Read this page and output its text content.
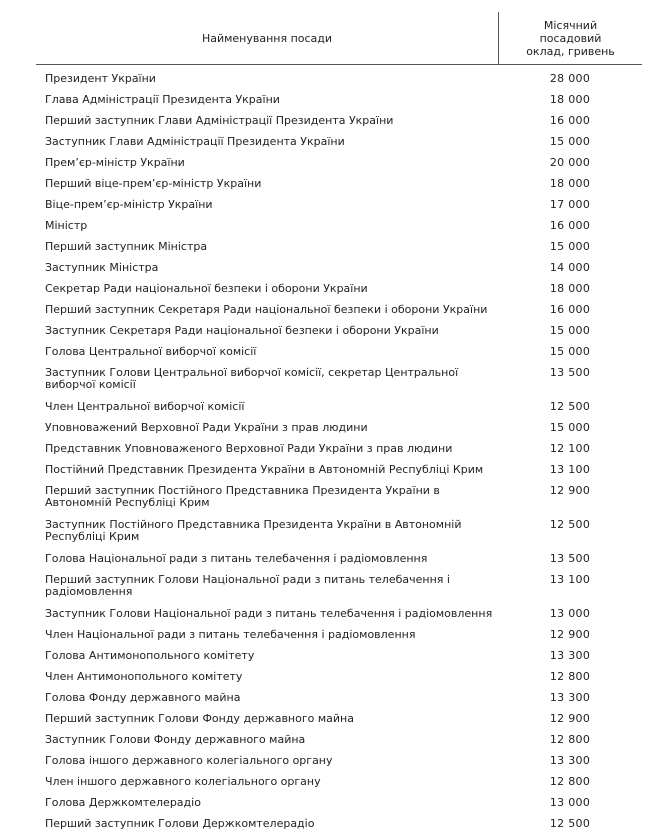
Найменування посади
Місячний
посадовий
оклад, гривень
Президент України	28 000
Глава Адміністрації Президента України	18 000
Перший заступник Глави Адміністрації Президента України	16 000
Заступник Глави Адміністрації Президента України	15 000
Прем’єр-міністр України	20 000
Перший віце-прем’єр-міністр України	18 000
Віце-прем’єр-міністр України	17 000
Міністр	16 000
Перший заступник Міністра	15 000
Заступник Міністра	14 000
Секретар Ради національної безпеки і оборони України	18 000
Перший заступник Секретаря Ради національної безпеки і оборони України	16 000
Заступник Секретаря Ради національної безпеки і оборони України	15 000
Голова Центральної виборчої комісії	15 000
Заступник Голови Центральної виборчої комісії, секретар Центральної виборчої комісії
13 500
Член Центральної виборчої комісії	12 500
Уповноважений Верховної Ради України з прав людини	15 000
Представник Уповноваженого Верховної Ради України з прав людини	12 100
Постійний Представник Президента України в Автономній Республіці Крим	13 100
Перший заступник Постійного Представника Президента України в Автономній Республіці Крим
12 900
Заступник Постійного Представника Президента України в Автономній Республіці Крим
12 500
Голова Національної ради з питань телебачення і радіомовлення	13 500
Перший заступник Голови Національної ради з питань телебачення і радіомовлення
13 100
Заступник Голови Національної ради з питань телебачення і радіомовлення	13 000
Член Національної ради з питань телебачення і радіомовлення	12 900
Голова Антимонопольного комітету	13 300
Член Антимонопольного комітету	12 800
Голова Фонду державного майна	13 300
Перший заступник Голови Фонду державного майна	12 900
Заступник Голови Фонду державного майна	12 800
Голова іншого державного колегіального органу	13 300
Член іншого державного колегіального органу	12 800
Голова Держкомтелерадіо	13 000
Перший заступник Голови Держкомтелерадіо	12 500
